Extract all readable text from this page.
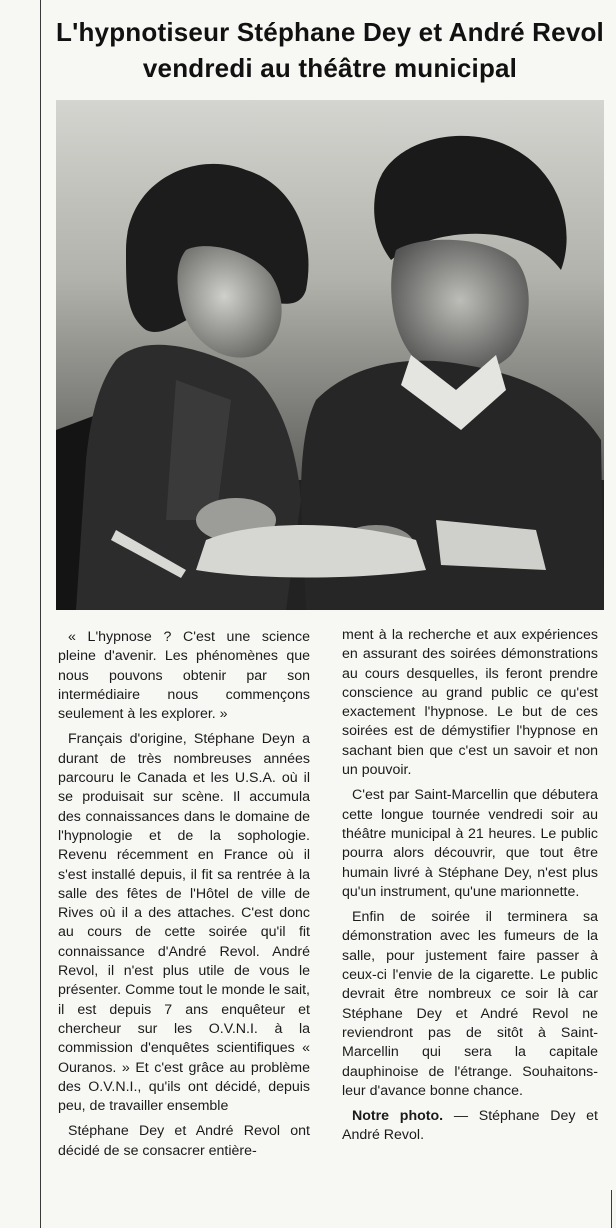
L'hypnotiseur Stéphane Dey et André Revol
vendredi au théâtre municipal

« L'hypnose ? C'est une science pleine d'avenir. Les phénomènes que nous pouvons obtenir par son intermédiaire nous commençons seulement à les explorer. »

Français d'origine, Stéphane Deyn a durant de très nombreuses années parcouru le Canada et les U.S.A. où il se produisait sur scène. Il accumula des connaissances dans le domaine de l'hypnologie et de la sophologie. Revenu récemment en France où il s'est installé depuis, il fit sa rentrée à la salle des fêtes de l'Hôtel de ville de Rives où il a des attaches. C'est donc au cours de cette soirée qu'il fit connaissance d'André Revol. André Revol, il n'est plus utile de vous le présenter. Comme tout le monde le sait, il est depuis 7 ans enquêteur et chercheur sur les O.V.N.I. à la commission d'enquêtes scientifiques « Ouranos. » Et c'est grâce au problème des O.V.N.I., qu'ils ont décidé, depuis peu, de travailler ensemble

Stéphane Dey et André Revol ont décidé de se consacrer entière-

ment à la recherche et aux expériences en assurant des soirées démonstrations au cours desquelles, ils feront prendre conscience au grand public ce qu'est exactement l'hypnose. Le but de ces soirées est de démystifier l'hypnose en sachant bien que c'est un savoir et non un pouvoir.

C'est par Saint-Marcellin que débutera cette longue tournée vendredi soir au théâtre municipal à 21 heures. Le public pourra alors découvrir, que tout être humain livré à Stéphane Dey, n'est plus qu'un instrument, qu'une marionnette.

Enfin de soirée il terminera sa démonstration avec les fumeurs de la salle, pour justement faire passer à ceux-ci l'envie de la cigarette. Le public devrait être nombreux ce soir là car Stéphane Dey et André Revol ne reviendront pas de sitôt à Saint-Marcellin qui sera la capitale dauphinoise de l'étrange. Souhaitons-leur d'avance bonne chance.

Notre photo. — Stéphane Dey et André Revol.
